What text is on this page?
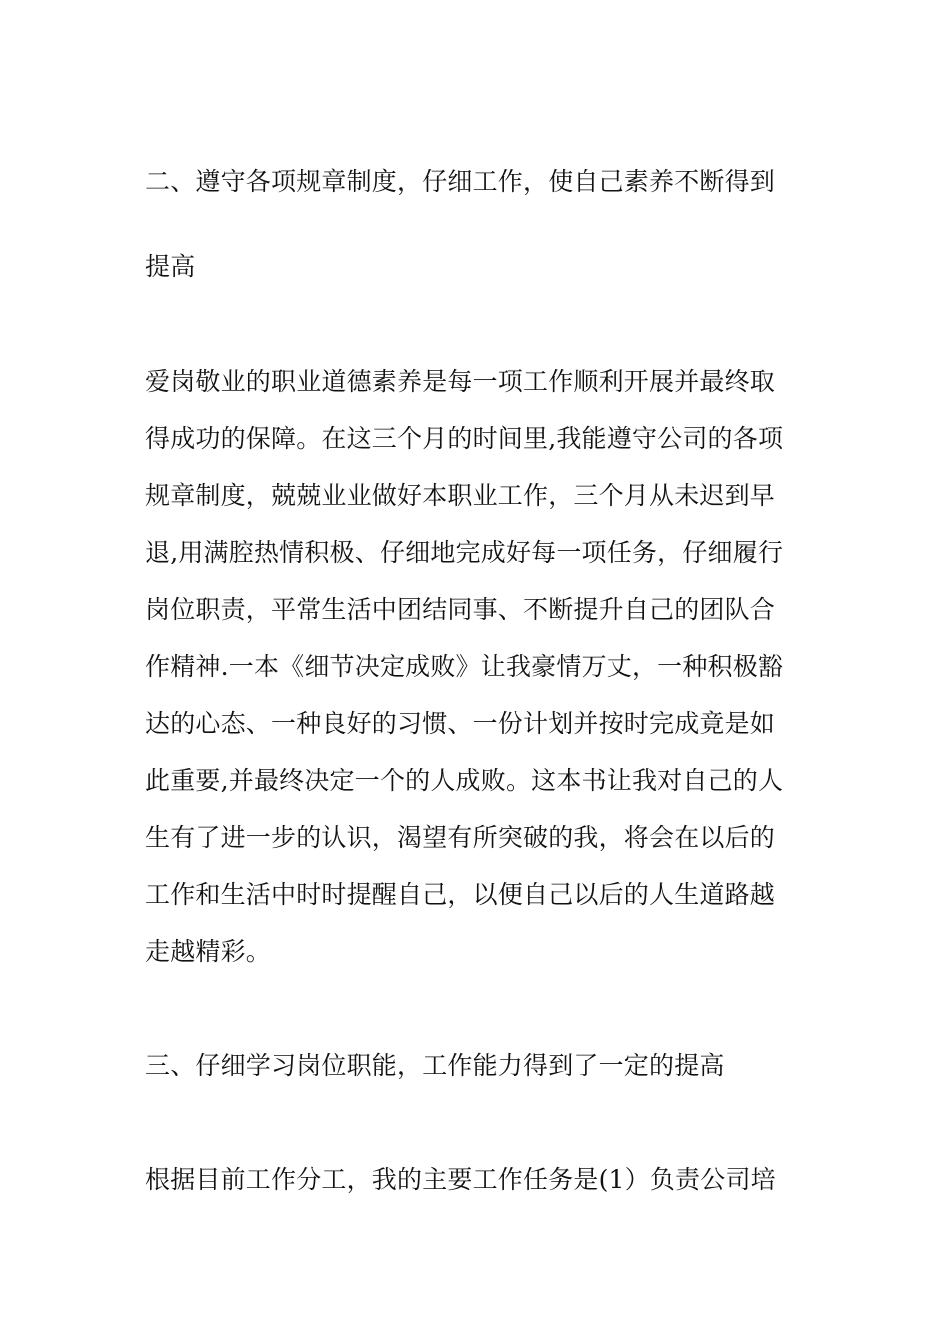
二、遵守各项规章制度，仔细工作，使自己素养不断得到
提高
爱岗敬业的职业道德素养是每一项工作顺利开展并最终取
得成功的保障。在这三个月的时间里,我能遵守公司的各项
规章制度，兢兢业业做好本职业工作，三个月从未迟到早
退,用满腔热情积极、仔细地完成好每一项任务，仔细履行
岗位职责，平常生活中团结同事、不断提升自己的团队合
作精神.一本《细节决定成败》让我豪情万丈，一种积极豁
达的心态、一种良好的习惯、一份计划并按时完成竟是如
此重要,并最终决定一个的人成败。这本书让我对自己的人
生有了进一步的认识，渴望有所突破的我，将会在以后的
工作和生活中时时提醒自己，以便自己以后的人生道路越
走越精彩。
三、仔细学习岗位职能，工作能力得到了一定的提高
根据目前工作分工，我的主要工作任务是(1）负责公司培
